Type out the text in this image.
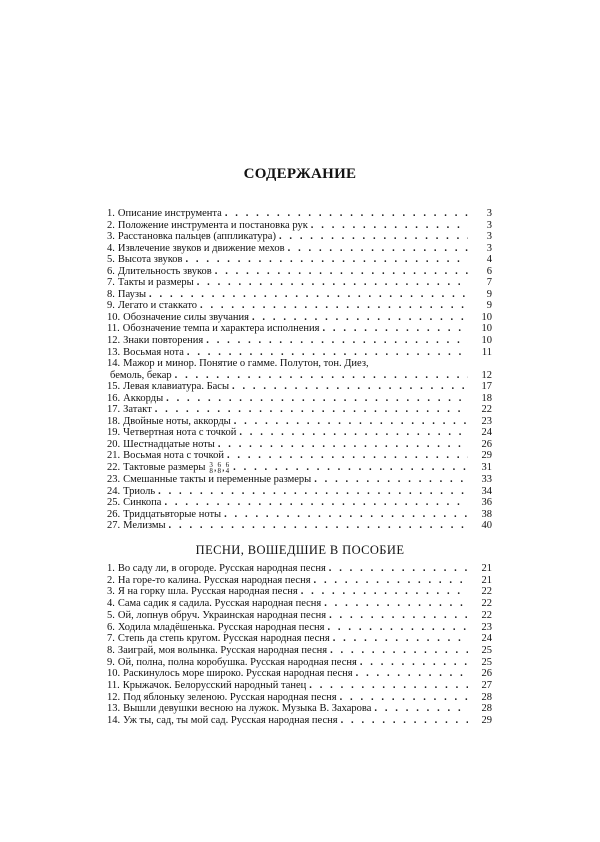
СОДЕРЖАНИЕ
1. Описание инструмента . . .	3
2. Положение инструмента и постановка рук . . .	3
3. Расстановка пальцев (аппликатура) . . .	3
4. Извлечение звуков и движение мехов . . .	3
5. Высота звуков . . .	4
6. Длительность звуков . . .	6
7. Такты и размеры . . .	7
8. Паузы . . .	9
9. Легато и стаккато . . .	9
10. Обозначение силы звучания . . .	10
11. Обозначение темпа и характера исполнения . . .	10
12. Знаки повторения . . .	10
13. Восьмая нота . . .	11
14. Мажор и минор. Понятие о гамме. Полутон, тон. Диез,
бемоль, бекар . . .	12
15. Левая клавиатура. Басы . . .	17
16. Аккорды . . .	18
17. Затакт . . .	22
18. Двойные ноты, аккорды . . .	23
19. Четвертная нота с точкой . . .	24
20. Шестнадцатые ноты . . .	26
21. Восьмая нота с точкой . . .	29
22. Тактовые размеры 3
8 , 6
8 , 6
4 . . .	31
23. Смешанные такты и переменные размеры . . .	33
24. Триоль . . .	34
25. Синкопа . . .	36
26. Тридцатьвторые ноты . . .	38
27. Мелизмы . . .	40
ПЕСНИ, ВОШЕДШИЕ В ПОСОБИЕ
1. Во саду ли, в огороде. Русская народная песня . . .	21
2. На горе-то калина. Русская народная песня . . .	21
3. Я на горку шла. Русская народная песня . . .	22
4. Сама садик я садила. Русская народная песня . . .	22
5. Ой, лопнув обруч. Украинская народная песня . . .	22
6. Ходила младёшенька. Русская народная песня . . .	23
7. Степь да степь кругом. Русская народная песня . . .	24
8. Заиграй, моя волынка. Русская народная песня . . .	25
9. Ой, полна, полна коробушка. Русская народная песня . . .	25
10. Раскинулось море широко. Русская народная песня . . .	26
11. Крыжачок. Белорусский народный танец . . .	27
12. Под яблоньку зеленою. Русская народная песня . . .	28
13. Вышли девушки весною на лужок. Музыка В. Захарова . . .	28
14. Уж ты, сад, ты мой сад. Русская народная песня . . .	29
